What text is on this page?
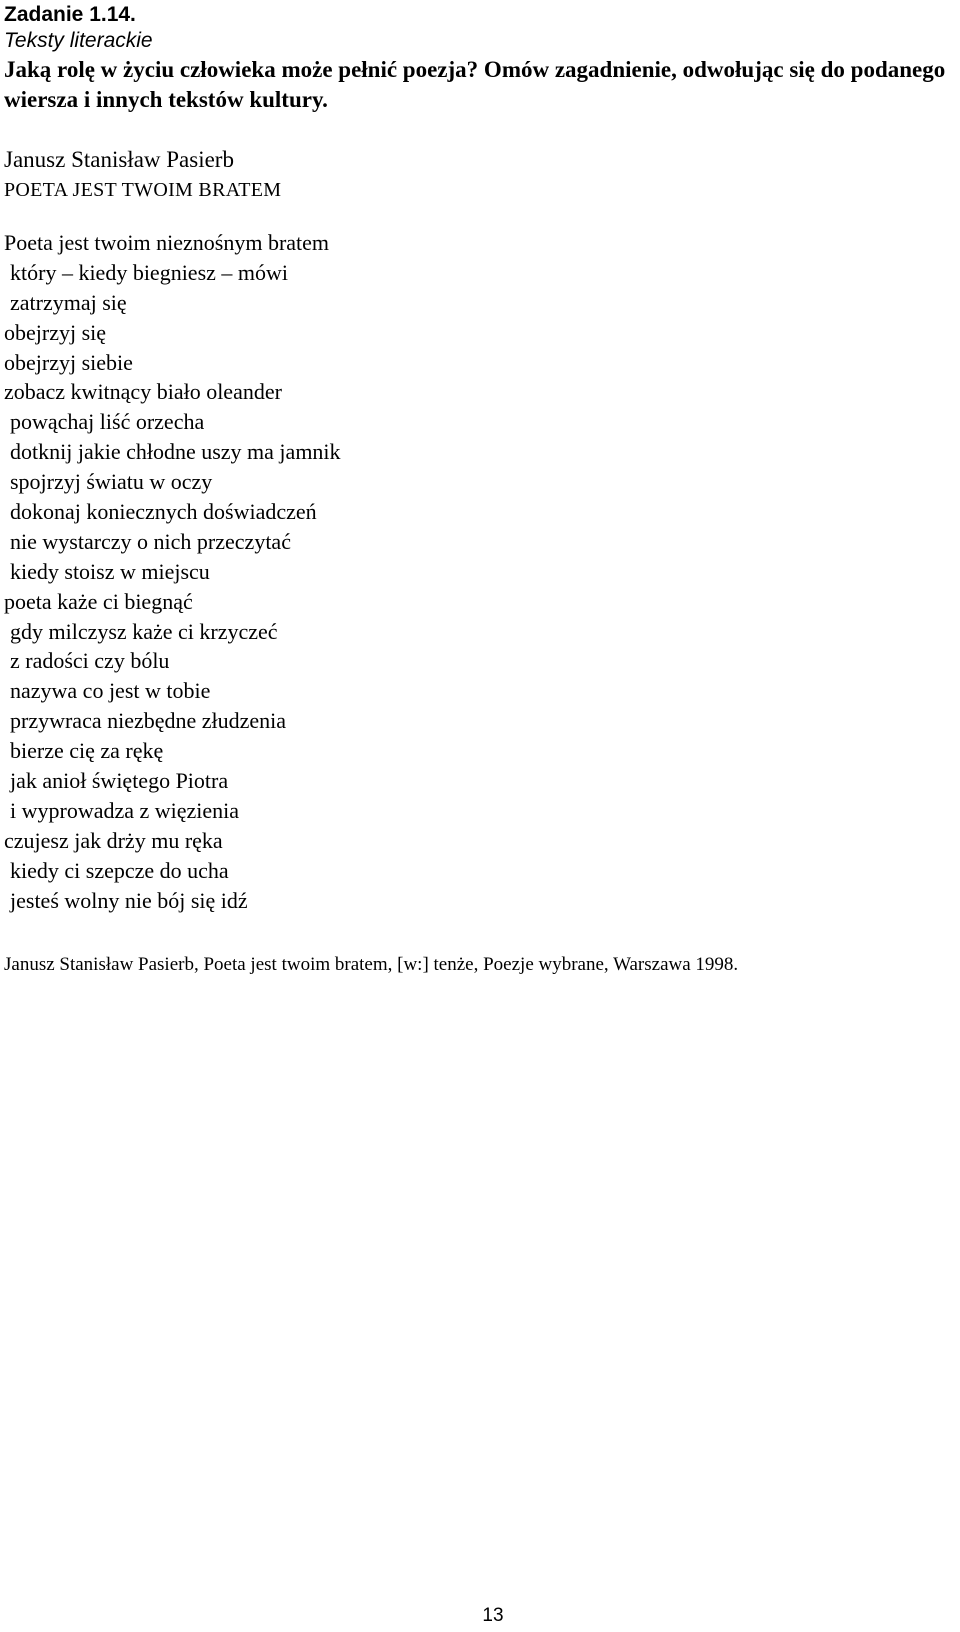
Zadanie 1.14.
Teksty literackie
Jaką rolę w życiu człowieka może pełnić poezja? Omów zagadnienie, odwołując się do podanego wiersza i innych tekstów kultury.
Janusz Stanisław Pasierb
POETA JEST TWOIM BRATEM
Poeta jest twoim nieznośnym bratem
który – kiedy biegniesz – mówi
zatrzymaj się
obejrzyj się
obejrzyj siebie
zobacz kwitnący biało oleander
powąchaj liść orzecha
dotknij jakie chłodne uszy ma jamnik
spojrzyj światu w oczy
dokonaj koniecznych doświadczeń
nie wystarczy o nich przeczytać
kiedy stoisz w miejscu
poeta każe ci biegnąć
gdy milczysz każe ci krzyczeć
z radości czy bólu
nazywa co jest w tobie
przywraca niezbędne złudzenia
bierze cię za rękę
jak anioł świętego Piotra
i wyprowadza z więzienia
czujesz jak drży mu ręka
kiedy ci szepcze do ucha
jesteś wolny nie bój się idź
Janusz Stanisław Pasierb, Poeta jest twoim bratem, [w:] tenże, Poezje wybrane, Warszawa 1998.
13
